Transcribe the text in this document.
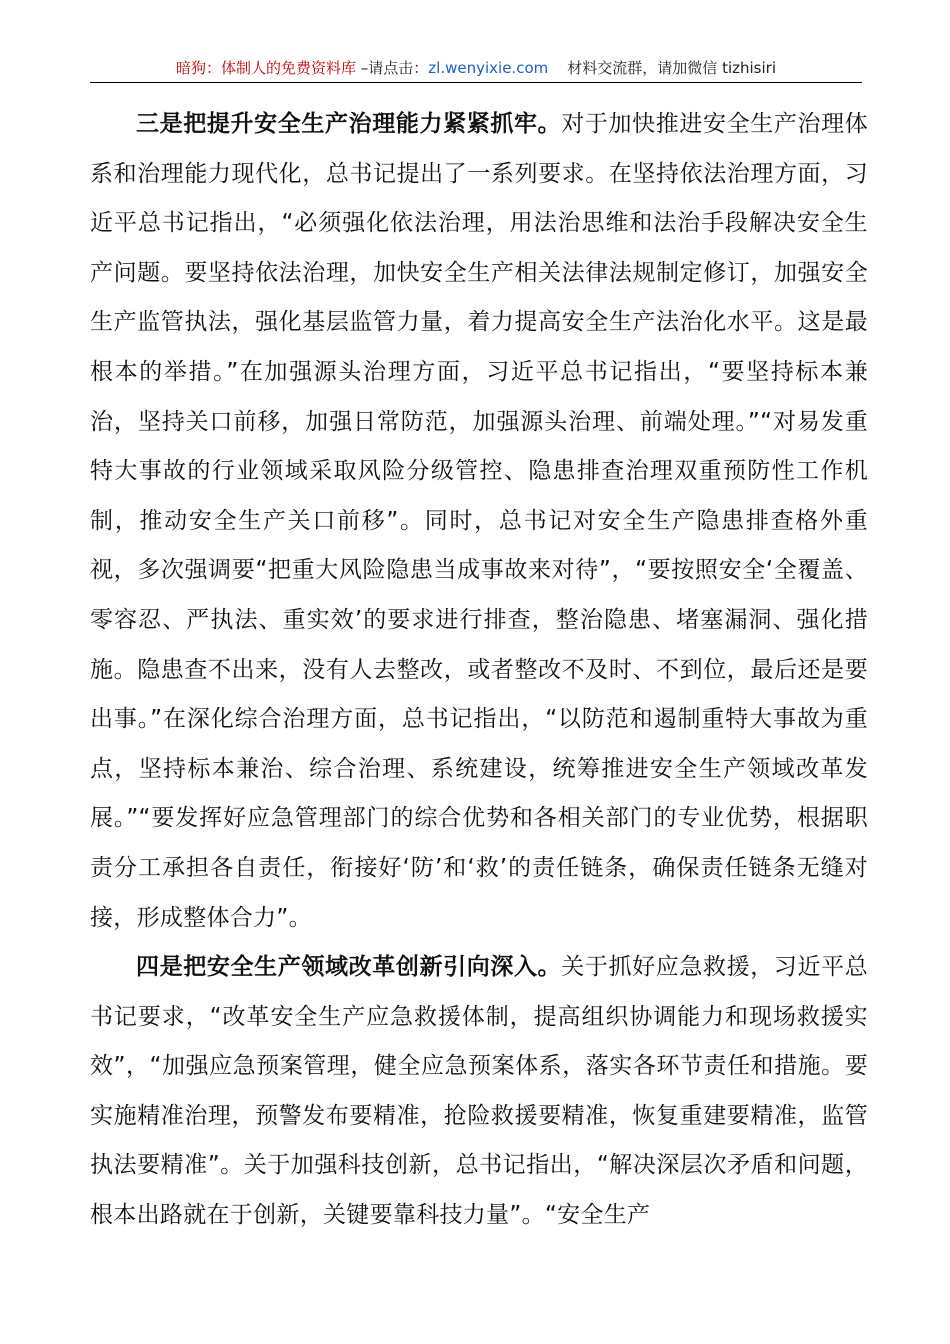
暗狗：体制人的免费资料库 –请点击：zl.wenyixie.com    材料交流群，请加微信 tizhisiri

三是把提升安全生产治理能力紧紧抓牢。对于加快推进安全生产治理体系和治理能力现代化，总书记提出了一系列要求。在坚持依法治理方面，习近平总书记指出，“必须强化依法治理，用法治思维和法治手段解决安全生产问题。要坚持依法治理，加快安全生产相关法律法规制定修订，加强安全生产监管执法，强化基层监管力量，着力提高安全生产法治化水平。这是最根本的举措。”在加强源头治理方面，习近平总书记指出，“要坚持标本兼治，坚持关口前移，加强日常防范，加强源头治理、前端处理。”“对易发重特大事故的行业领域采取风险分级管控、隐患排查治理双重预防性工作机制，推动安全生产关口前移”。同时，总书记对安全生产隐患排查格外重视，多次强调要“把重大风险隐患当成事故来对待”，“要按照安全‘全覆盖、零容忍、严执法、重实效’的要求进行排查，整治隐患、堵塞漏洞、强化措施。隐患查不出来，没有人去整改，或者整改不及时、不到位，最后还是要出事。”在深化综合治理方面，总书记指出，“以防范和遏制重特大事故为重点，坚持标本兼治、综合治理、系统建设，统筹推进安全生产领域改革发展。”“要发挥好应急管理部门的综合优势和各相关部门的专业优势，根据职责分工承担各自责任，衔接好‘防’和‘救’的责任链条，确保责任链条无缝对接，形成整体合力”。

四是把安全生产领域改革创新引向深入。关于抓好应急救援，习近平总书记要求，“改革安全生产应急救援体制，提高组织协调能力和现场救援实效”，“加强应急预案管理，健全应急预案体系，落实各环节责任和措施。要实施精准治理，预警发布要精准，抢险救援要精准，恢复重建要精准，监管执法要精准”。关于加强科技创新，总书记指出，“解决深层次矛盾和问题，根本出路就在于创新，关键要靠科技力量”。“安全生产
